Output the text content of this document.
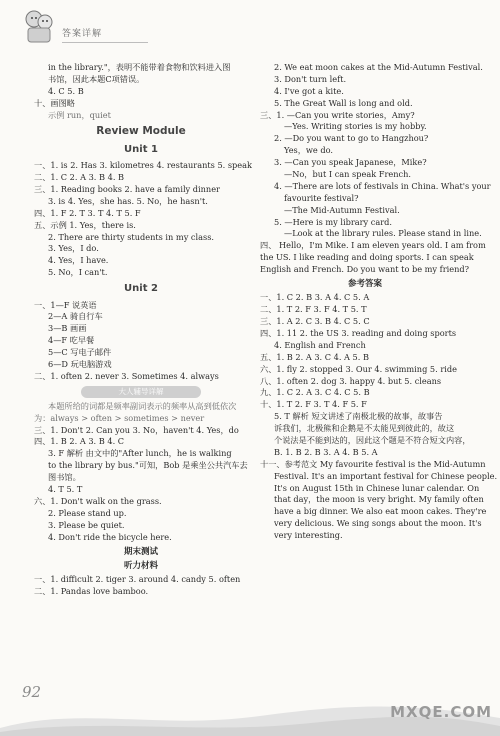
答案详解

in the library."，表明不能带着食物和饮料进入图

书馆，因此本题C项错误。

4. C 5. B

十、画图略

示例 run，quiet

Review Module
Unit 1

一、1. is 2. Has 3. kilometres 4. restaurants 5. speak

二、1. C 2. A 3. B 4. B

三、1. Reading books 2. have a family dinner

3. is 4. Yes，she has. 5. No，he hasn't.

四、1. F 2. T 3. T 4. T 5. F

五、示例 1. Yes，there is.

2. There are thirty students in my class.

3. Yes，I do.

4. Yes，I have.

5. No，I can't.

Unit 2

一、1—F 说英语

2—A 骑自行车

3—B 画画

4—F 吃早餐

5—C 写电子邮件

6—D 玩电脑游戏

二、1. often 2. never 3. Sometimes 4. always

大人辅导详解

本题所给的词都是频率副词表示的频率从高到低依次

为：always > often > sometimes > never

三、1. Don't 2. Can you 3. No，haven't 4. Yes，do

四、1. B 2. A 3. B 4. C

3. F 解析 由文中的"After lunch，he is walking

to the library by bus."可知，Bob 是乘坐公共汽车去

图书馆。

4. T 5. T

六、1. Don't walk on the grass.

2. Please stand up.

3. Please be quiet.

4. Don't ride the bicycle here.

期末测试
听力材料

一、1. difficult 2. tiger 3. around 4. candy 5. often

二、1. Pandas love bamboo.

2. We eat moon cakes at the Mid-Autumn Festival.

3. Don't turn left.

4. I've got a kite.

5. The Great Wall is long and old.

三、1. —Can you write stories，Amy?

—Yes. Writing stories is my hobby.

2. —Do you want to go to Hangzhou?

Yes，we do.

3. —Can you speak Japanese，Mike?

—No，but I can speak French.

4. —There are lots of festivals in China. What's your

favourite festival?

—The Mid-Autumn Festival.

5. —Here is my library card.

—Look at the library rules. Please stand in line.

四、 Hello，I'm Mike. I am eleven years old. I am from

the US. I like reading and doing sports. I can speak

English and French. Do you want to be my friend?

参考答案

一、1. C 2. B 3. A 4. C 5. A

二、1. T 2. F 3. F 4. T 5. T

三、1. A 2. C 3. B 4. C 5. C

四、1. 11 2. the US 3. reading and doing sports

4. English and French

五、1. B 2. A 3. C 4. A 5. B

六、1. fly 2. stopped 3. Our 4. swimming 5. ride

八、1. often 2. dog 3. happy 4. but 5. cleans

九、1. C 2. A 3. C 4. C 5. B

十、1. T 2. F 3. T 4. F 5. F

5. T 解析 短文讲述了南极北极的故事，故事告

诉我们，北极熊和企鹅是不太能见到彼此的，故这

个说法是不能到达的，因此这个题是不符合短文内容，

B. 1. B 2. B 3. A 4. B 5. A

十一、参考范文 My favourite festival is the Mid-Autumn

Festival. It's an important festival for Chinese people.

It's on August 15th in Chinese lunar calendar. On

that day，the moon is very bright. My family often

have a big dinner. We also eat moon cakes. They're

very delicious. We sing songs about the moon. It's

very interesting.

92
MXQE.COM
